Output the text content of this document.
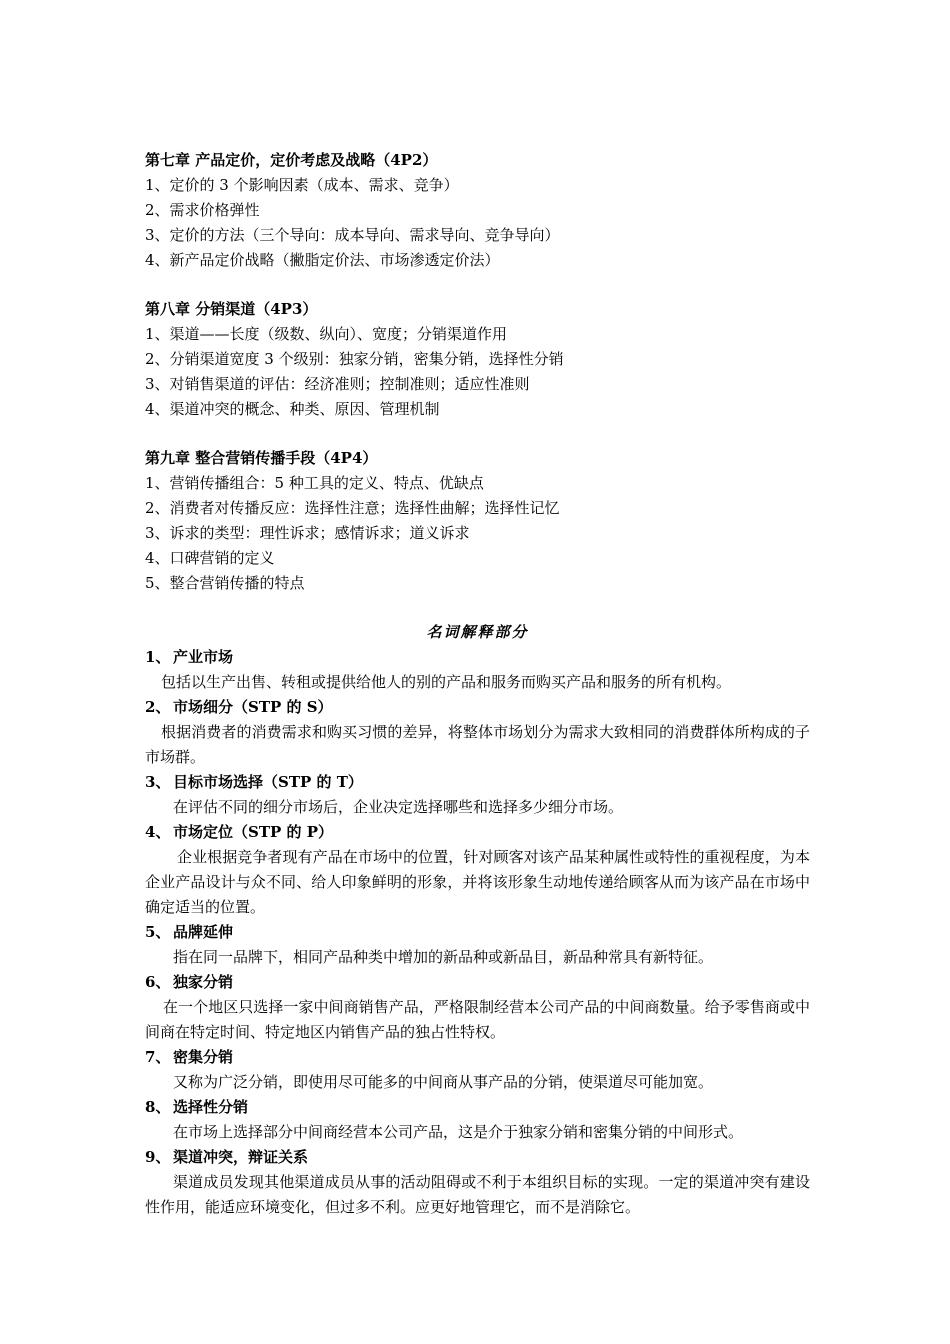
第七章 产品定价，定价考虑及战略（4P2）
1、定价的 3 个影响因素（成本、需求、竞争）
2、需求价格弹性
3、定价的方法（三个导向：成本导向、需求导向、竞争导向）
4、新产品定价战略（撇脂定价法、市场渗透定价法）
第八章 分销渠道（4P3）
1、渠道——长度（级数、纵向）、宽度；分销渠道作用
2、分销渠道宽度 3 个级别：独家分销，密集分销，选择性分销
3、对销售渠道的评估：经济准则；控制准则；适应性准则
4、渠道冲突的概念、种类、原因、管理机制
第九章 整合营销传播手段（4P4）
1、营销传播组合：5 种工具的定义、特点、优缺点
2、消费者对传播反应：选择性注意；选择性曲解；选择性记忆
3、诉求的类型：理性诉求；感情诉求；道义诉求
4、口碑营销的定义
5、整合营销传播的特点
名词解释部分
1、 产业市场
包括以生产出售、转租或提供给他人的别的产品和服务而购买产品和服务的所有机构。
2、 市场细分（STP 的 S）
根据消费者的消费需求和购买习惯的差异，将整体市场划分为需求大致相同的消费群体所构成的子市场群。
3、 目标市场选择（STP 的 T）
在评估不同的细分市场后，企业决定选择哪些和选择多少细分市场。
4、 市场定位（STP 的 P）
企业根据竞争者现有产品在市场中的位置，针对顾客对该产品某种属性或特性的重视程度，为本企业产品设计与众不同、给人印象鲜明的形象，并将该形象生动地传递给顾客从而为该产品在市场中确定适当的位置。
5、 品牌延伸
指在同一品牌下，相同产品种类中增加的新品种或新品目，新品种常具有新特征。
6、 独家分销
在一个地区只选择一家中间商销售产品，严格限制经营本公司产品的中间商数量。给予零售商或中间商在特定时间、特定地区内销售产品的独占性特权。
7、 密集分销
又称为广泛分销，即使用尽可能多的中间商从事产品的分销，使渠道尽可能加宽。
8、 选择性分销
在市场上选择部分中间商经营本公司产品，这是介于独家分销和密集分销的中间形式。
9、 渠道冲突，辩证关系
渠道成员发现其他渠道成员从事的活动阻碍或不利于本组织目标的实现。一定的渠道冲突有建设性作用，能适应环境变化，但过多不利。应更好地管理它，而不是消除它。
